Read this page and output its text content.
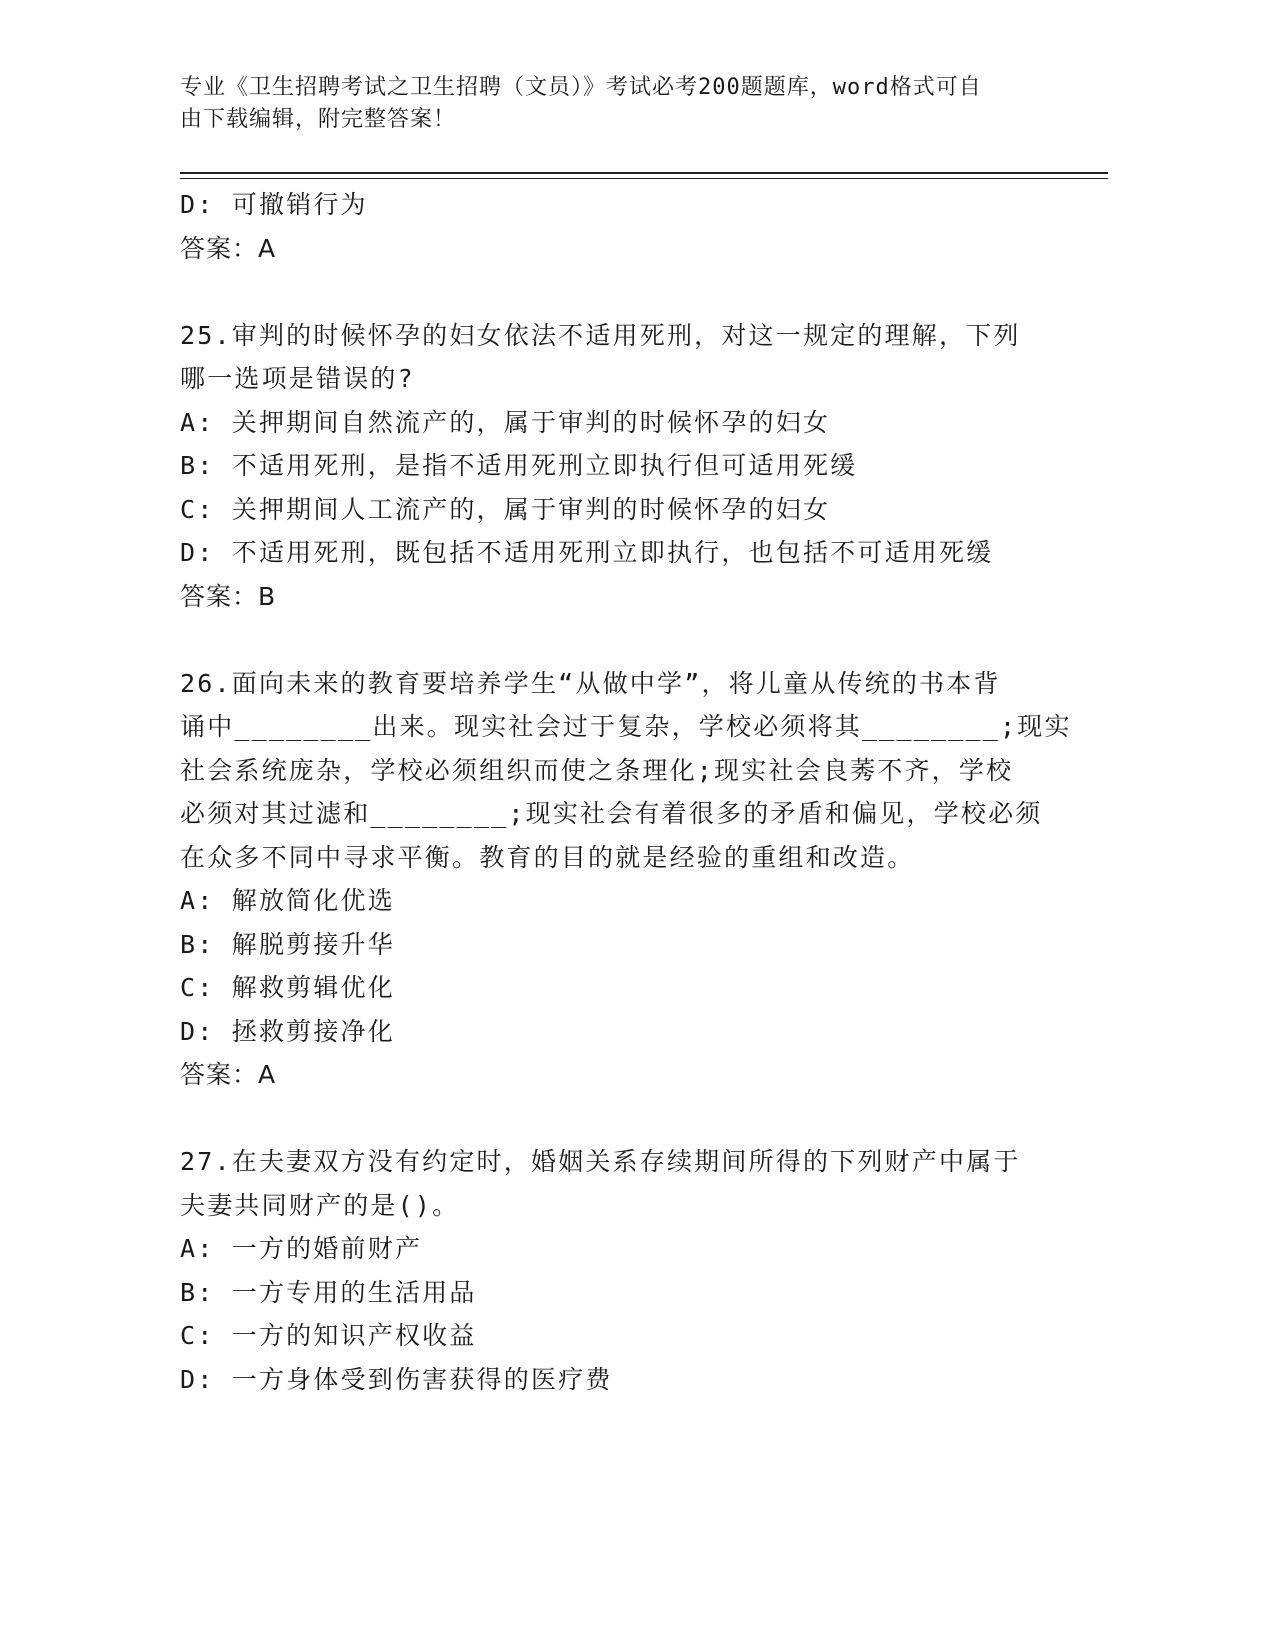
专业《卫生招聘考试之卫生招聘（文员）》考试必考200题题库，word格式可自
由下载编辑，附完整答案！
D: 可撤销行为
答案：A
25.审判的时候怀孕的妇女依法不适用死刑，对这一规定的理解，下列
哪一选项是错误的?
A: 关押期间自然流产的，属于审判的时候怀孕的妇女
B: 不适用死刑，是指不适用死刑立即执行但可适用死缓
C: 关押期间人工流产的，属于审判的时候怀孕的妇女
D: 不适用死刑，既包括不适用死刑立即执行，也包括不可适用死缓
答案：B
26.面向未来的教育要培养学生“从做中学”，将儿童从传统的书本背
诵中________出来。现实社会过于复杂，学校必须将其________;现实
社会系统庞杂，学校必须组织而使之条理化;现实社会良莠不齐，学校
必须对其过滤和________;现实社会有着很多的矛盾和偏见，学校必须
在众多不同中寻求平衡。教育的目的就是经验的重组和改造。
A: 解放简化优选
B: 解脱剪接升华
C: 解救剪辑优化
D: 拯救剪接净化
答案：A
27.在夫妻双方没有约定时，婚姻关系存续期间所得的下列财产中属于
夫妻共同财产的是()。
A: 一方的婚前财产
B: 一方专用的生活用品
C: 一方的知识产权收益
D: 一方身体受到伤害获得的医疗费
